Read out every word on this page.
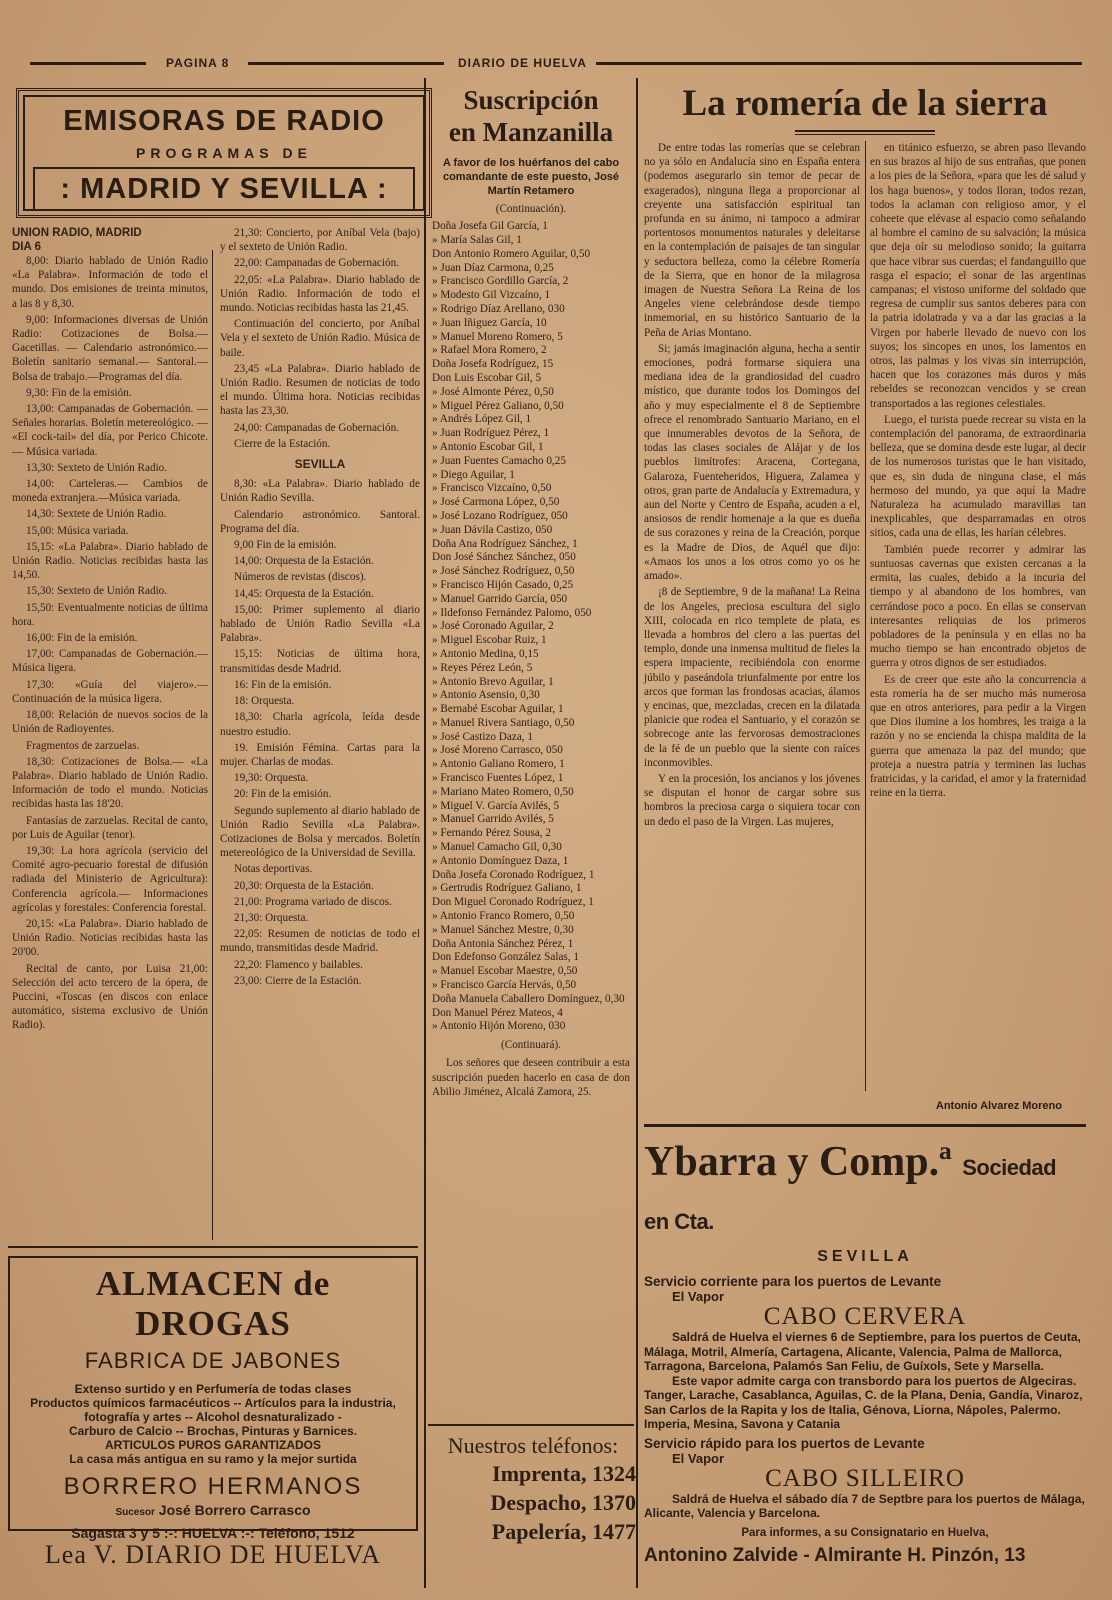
PAGINA 8	DIARIO DE HUELVA
EMISORAS DE RADIO
PROGRAMAS DE
: MADRID Y SEVILLA :
UNION RADIO, MADRID
DIA 6

8,00: Diario hablado de Unión Radio «La Palabra». Información de todo el mundo. Dos emisiones de treinta minutos, a las 8 y 8,30.

9,00: Informaciones diversas de Unión Radio: Cotizaciones de Bolsa.— Gacetillas. — Calendario astronómico.— Boletín sanitario semanal.— Santoral.—Bolsa de trabajo.—Programas del día.

9,30: Fin de la emisión.

13,00: Campanadas de Gobernación. —Señales horarias. Boletín metereológico. — «El cock-tail» del día, por Perico Chicote.— Música variada.

13,30: Sexteto de Unión Radio.

14,00: Carteleras.— Cambios de moneda extranjera.—Música variada.

14,30: Sextete de Unión Radio.

15,00: Música variada.

15,15: «La Palabra». Diario hablado de Unión Radio. Noticias recibidas hasta las 14,50.

15,30: Sexteto de Unión Radio.

15,50: Eventualmente noticias de última hora.

16,00: Fin de la emisión.

17,00: Campanadas de Gobernación.— Música ligera.

17,30: «Guía del viajero».— Continuación de la música ligera.

18,00: Relación de nuevos socios de la Unión de Radioyentes.

Fragmentos de zarzuelas.

18,30: Cotizaciones de Bolsa.— «La Palabra». Diario hablado de Unión Radio. Información de todo el mundo. Noticias recibidas hasta las 18'20.

Fantasías de zarzuelas. Recital de canto, por Luis de Aguilar (tenor).

19,30: La hora agrícola (servicio del Comité agro-pecuario forestal de difusión radiada del Ministerio de Agricultura): Conferencia agrícola.— Informaciones agrícolas y forestales: Conferencia forestal.

20,15: «La Palabra». Diario hablado de Unión Radio. Noticias recibidas hasta las 20'00.

Recital de canto, por Luisa 21,00: Selección del acto tercero de la ópera, de Puccini, «Toscas (en discos con enlace automático, sistema exclusivo de Unión Radio).

21,30: Concierto, por Aníbal Vela (bajo) y el sexteto de Unión Radio.

22,00: Campanadas de Gobernación.

22,05: «La Palabra». Diario hablado de Unión Radio. Información de todo el mundo. Noticias recibidas hasta las 21,45.

Continuación del concierto, por Aníbal Vela y el sexteto de Unión Radio. Música de baile.

23,45 «La Palabra». Diario hablado de Unión Radio. Resumen de noticias de todo el mundo. Última hora. Noticias recibidas hasta las 23,30.

24,00: Campanadas de Gobernación.

Cierre de la Estación.

SEVILLA

8,30: «La Palabra». Diario hablado de Unión Radio Sevilla.

Calendario astronómico. Santoral. Programa del día.

9,00 Fin de la emisión.

14,00: Orquesta de la Estación.

Números de revistas (discos).

14,45: Orquesta de la Estación.

15,00: Primer suplemento al diario hablado de Unión Radio Sevilla «La Palabra».

15,15: Noticias de última hora, transmitidas desde Madrid.

16: Fin de la emisión.

18: Orquesta.

18,30: Charla agrícola, leída desde nuestro estudio.

19. Emisión Fémina. Cartas para la mujer. Charlas de modas.

19,30: Orquesta.

20: Fin de la emisión.

Segundo suplemento al diario hablado de Unión Radio Sevilla «La Palabra». Cotizaciones de Bolsa y mercados. Boletín metereológico de la Universidad de Sevilla.

Notas deportivas.

20,30: Orquesta de la Estación.

21,00: Programa variado de discos.

21,30: Orquesta.

22,05: Resumen de noticias de todo el mundo, transmitidas desde Madrid.

22,20: Flamenco y bailables.

23,00: Cierre de la Estación.

ALMACEN de DROGAS
FABRICA DE JABONES
Extenso surtido y en Perfumería de todas clases
Productos químicos farmacéuticos -- Artículos para la industria, fotografía y artes -- Alcohol desnaturalizado -
Carburo de Calcio -- Brochas, Pinturas y Barnices.
ARTICULOS PUROS GARANTIZADOS
La casa más antigua en su ramo y la mejor surtida
BORRERO HERMANOS
Sucesor José Borrero Carrasco
Sagasta 3 y 5 :-: HUELVA :-: Teléfono, 1512
Lea V. DIARIO DE HUELVA
Suscripción
en Manzanilla
A favor de los huérfanos del cabo comandante de este puesto, José Martín Retamero
(Continuación).
Doña Josefa Gil García, 1
» María Salas Gil, 1
Don Antonio Romero Aguilar, 0,50
» Juan Díaz Carmona, 0,25
» Francisco Gordillo García, 2
» Modesto Gil Vizcaíno, 1
» Rodrigo Díaz Arellano, 030
» Juan Iñiguez García, 10
» Manuel Moreno Romero, 5
» Rafael Mora Romero, 2
Doña Josefa Rodríguez, 15
Don Luis Escobar Gil, 5
» José Almonte Pérez, 0,50
» Miguel Pérez Galiano, 0,50
» Andrés López Gil, 1
» Juan Rodríguez Pérez, 1
» Antonio Escobar Gil, 1
» Juan Fuentes Camacho 0,25
» Diego Aguilar, 1
» Francisco Vizcaíno, 0,50
» José Carmona López, 0,50
» José Lozano Rodríguez, 050
» Juan Dávila Castizo, 050
Doña Ana Rodríguez Sánchez, 1
Don José Sánchez Sánchez, 050
» José Sánchez Rodríguez, 0,50
» Francisco Hijón Casado, 0,25
» Manuel Garrido García, 050
» Ildefonso Fernández Palomo, 050
» José Coronado Aguilar, 2
» Miguel Escobar Ruiz, 1
» Antonio Medina, 0,15
» Reyes Pérez León, 5
» Antonio Brevo Aguilar, 1
» Antonio Asensio, 0,30
» Bernabé Escobar Aguilar, 1
» Manuel Rivera Santiago, 0,50
» José Castizo Daza, 1
» José Moreno Carrasco, 050
» Antonio Galiano Romero, 1
» Francisco Fuentes López, 1
» Mariano Mateo Romero, 0,50
» Miguel V. García Avilés, 5
» Manuel Garrido Avilés, 5
» Fernando Pérez Sousa, 2
» Manuel Camacho Gil, 0,30
» Antonio Domínguez Daza, 1
Doña Josefa Coronado Rodríguez, 1
» Gertrudis Rodríguez Galiano, 1
Don Miguel Coronado Rodríguez, 1
» Antonio Franco Romero, 0,50
» Manuel Sánchez Mestre, 0,30
Doña Antonia Sánchez Pérez, 1
Don Edefonso González Salas, 1
» Manuel Escobar Maestre, 0,50
» Francisco García Hervás, 0,50
Doña Manuela Caballero Domínguez, 0,30
Don Manuel Pérez Mateos, 4
» Antonio Hijón Moreno, 030
(Continuará).

Los señores que deseen contribuir a esta suscripción pueden hacerlo en casa de don Abilio Jiménez, Alcalá Zamora, 25.

Nuestros teléfonos:
Imprenta, 1324
Despacho, 1370
Papelería, 1477
La romería de la sierra

De entre todas las romerías que se celebran no ya sólo en Andalucía sino en España entera (podemos asegurarlo sin temor de pecar de exagerados), ninguna llega a proporcionar al creyente una satisfacción espiritual tan profunda en su ánimo, ni tampoco a admirar portentosos monumentos naturales y deleitarse en la contemplación de paisajes de tan singular y seductora belleza, como la célebre Romería de la Sierra, que en honor de la milagrosa imagen de Nuestra Señora La Reina de los Angeles viene celebrándose desde tiempo inmemorial, en su histórico Santuario de la Peña de Arias Montano.

Si; jamás imaginación alguna, hecha a sentir emociones, podrá formarse siquiera una mediana idea de la grandiosidad del cuadro místico, que durante todos los Domingos del año y muy especialmente el 8 de Septiembre ofrece el renombrado Santuario Mariano, en el que innumerables devotos de la Señora, de todas las clases sociales de Alájar y de los pueblos limítrofes: Aracena, Cortegana, Galaroza, Fuenteheridos, Higuera, Zalamea y otros, gran parte de Andalucía y Extremadura, y aun del Norte y Centro de España, acuden a el, ansiosos de rendir homenaje a la que es dueña de sus corazones y reina de la Creación, porque es la Madre de Dios, de Aquél que dijo: «Amaos los unos a los otros como yo os he amado».

¡8 de Septiembre, 9 de la mañana! La Reina de los Angeles, preciosa escultura del siglo XIII, colocada en rico templete de plata, es llevada a hombros del clero a las puertas del templo, donde una inmensa multitud de fieles la espera impaciente, recibiéndola con enorme júbilo y paseándola triunfalmente por entre los arcos que forman las frondosas acacias, álamos y encinas, que, mezcladas, crecen en la dilatada planicie que rodea el Santuario, y el corazón se sobrecoge ante las fervorosas demostraciones de la fé de un pueblo que la siente con raíces inconmovibles.

Y en la procesión, los ancianos y los jóvenes se disputan el honor de cargar sobre sus hombros la preciosa carga o siquiera tocar con un dedo el paso de la Virgen. Las mujeres,

en titánico esfuerzo, se abren paso llevando en sus brazos al hijo de sus entrañas, que ponen a los pies de la Señora, «para que les dé salud y los haga buenos», y todos lloran, todos rezan, todos la aclaman con religioso amor, y el coheete que elévase al espacio como señalando al hombre el camino de su salvación; la música que deja oír su melodioso sonido; la guitarra que hace vibrar sus cuerdas; el fandanguillo que rasga el espacio; el sonar de las argentinas campanas; el vistoso uniforme del soldado que regresa de cumplir sus santos deberes para con la patria idolatrada y va a dar las gracias a la Virgen por haberle llevado de nuevo con los suyos; los sincopes en unos, los lamentos en otros, las palmas y los vivas sin interrupción, hacen que los corazones más duros y más rebeldes se reconozcan vencidos y se crean transportados a las regiones celestiales.

Luego, el turista puede recrear su vista en la contemplación del panorama, de extraordinaria belleza, que se domina desde este lugar, al decir de los numerosos turistas que le han visitado, que es, sin duda de ninguna clase, el más hermoso del mundo, ya que aquí la Madre Naturaleza ha acumulado maravillas tan inexplicables, que desparramadas en otros sitios, cada una de ellas, les harían célebres.

También puede recorrer y admirar las suntuosas cavernas que existen cercanas a la ermita, las cuales, debido a la incuria del tiempo y al abandono de los hombres, van cerrándose poco a poco. En ellas se conservan interesantes reliquias de los primeros pobladores de la península y en ellas no ha mucho tiempo se han encontrado objetos de guerra y otros dignos de ser estudiados.

Es de creer que este año la concurrencia a esta romería ha de ser mucho más numerosa que en otros anteriores, para pedir a la Virgen que Dios ilumine a los hombres, les traiga a la razón y no se encienda la chispa maldita de la guerra que amenaza la paz del mundo; que proteja a nuestra patria y terminen las luchas fratricidas, y la caridad, el amor y la fraternidad reine en la tierra.

Antonio Alvarez Moreno
Ybarra y Comp.ª Sociedad en Cta.
SEVILLA
Servicio corriente para los puertos de Levante
El Vapor
CABO CERVERA
Saldrá de Huelva el viernes 6 de Septiembre, para los puertos de Ceuta, Málaga, Motril, Almería, Cartagena, Alicante, Valencia, Palma de Mallorca, Tarragona, Barcelona, Palamós San Feliu, de Guíxols, Sete y Marsella.
Este vapor admite carga con transbordo para los puertos de Algeciras. Tanger, Larache, Casablanca, Aguilas, C. de la Plana, Denia, Gandía, Vinaroz, San Carlos de la Rapita y los de Italia, Génova, Liorna, Nápoles, Palermo. Imperia, Mesina, Savona y Catania
Servicio rápido para los puertos de Levante
El Vapor
CABO SILLEIRO
Saldrá de Huelva el sábado día 7 de Septbre para los puertos de Málaga, Alicante, Valencia y Barcelona.
Para informes, a su Consignatario en Huelva,
Antonino Zalvide - Almirante H. Pinzón, 13
